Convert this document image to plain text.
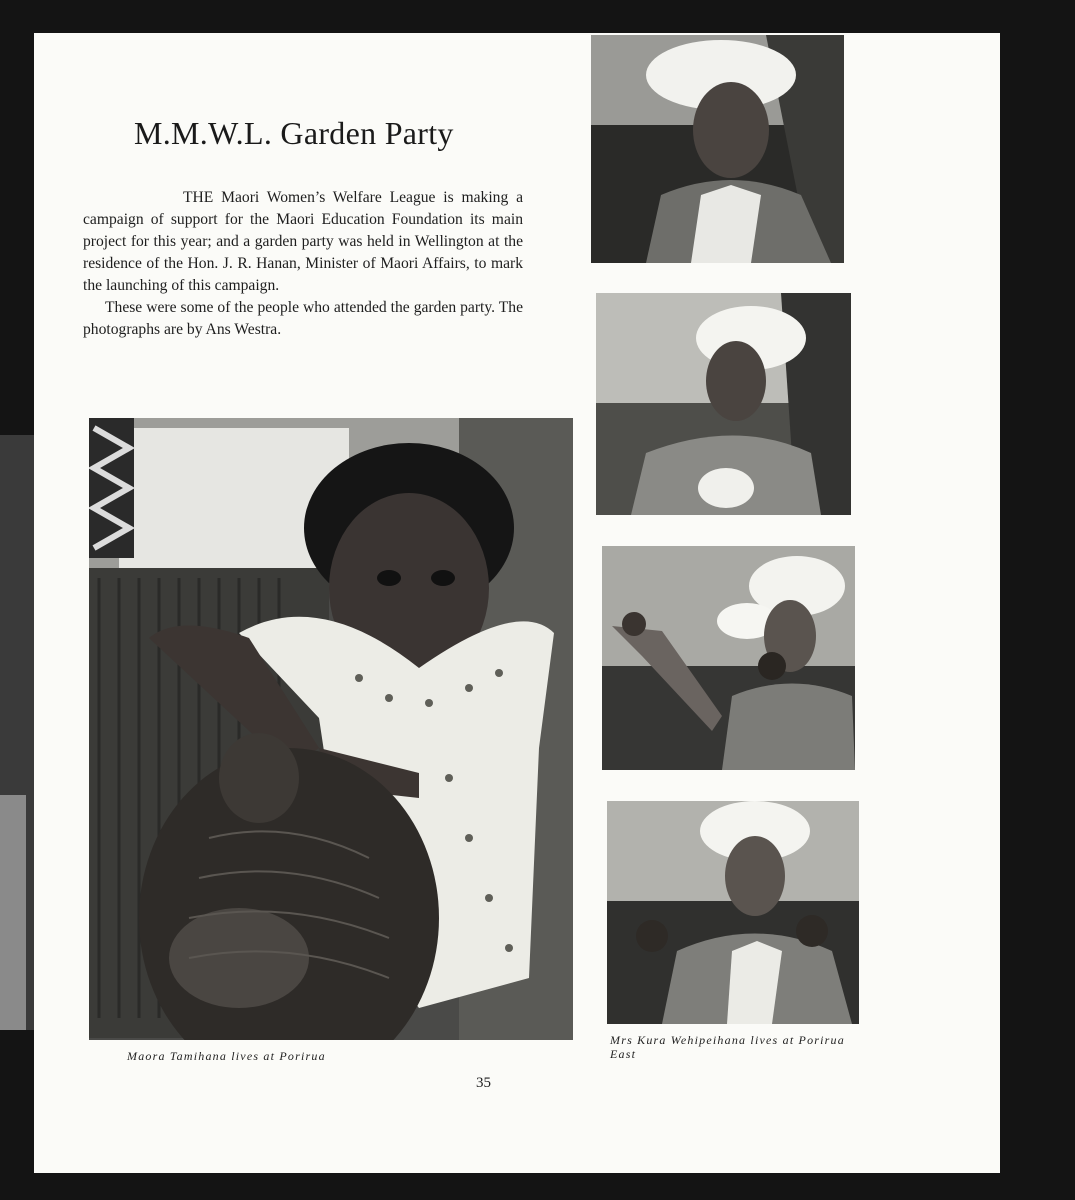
M.M.W.L. Garden Party

THE Maori Women’s Welfare League is making a campaign of support for the Maori Education Foundation its main project for this year; and a garden party was held in Wellington at the residence of the Hon. J. R. Hanan, Minister of Maori Affairs, to mark the launching of this campaign.

These were some of the people who attended the garden party. The photographs are by Ans Westra.

Maora Tamihana lives at Porirua
Mrs Kura Wehipeihana lives at Porirua East
35
